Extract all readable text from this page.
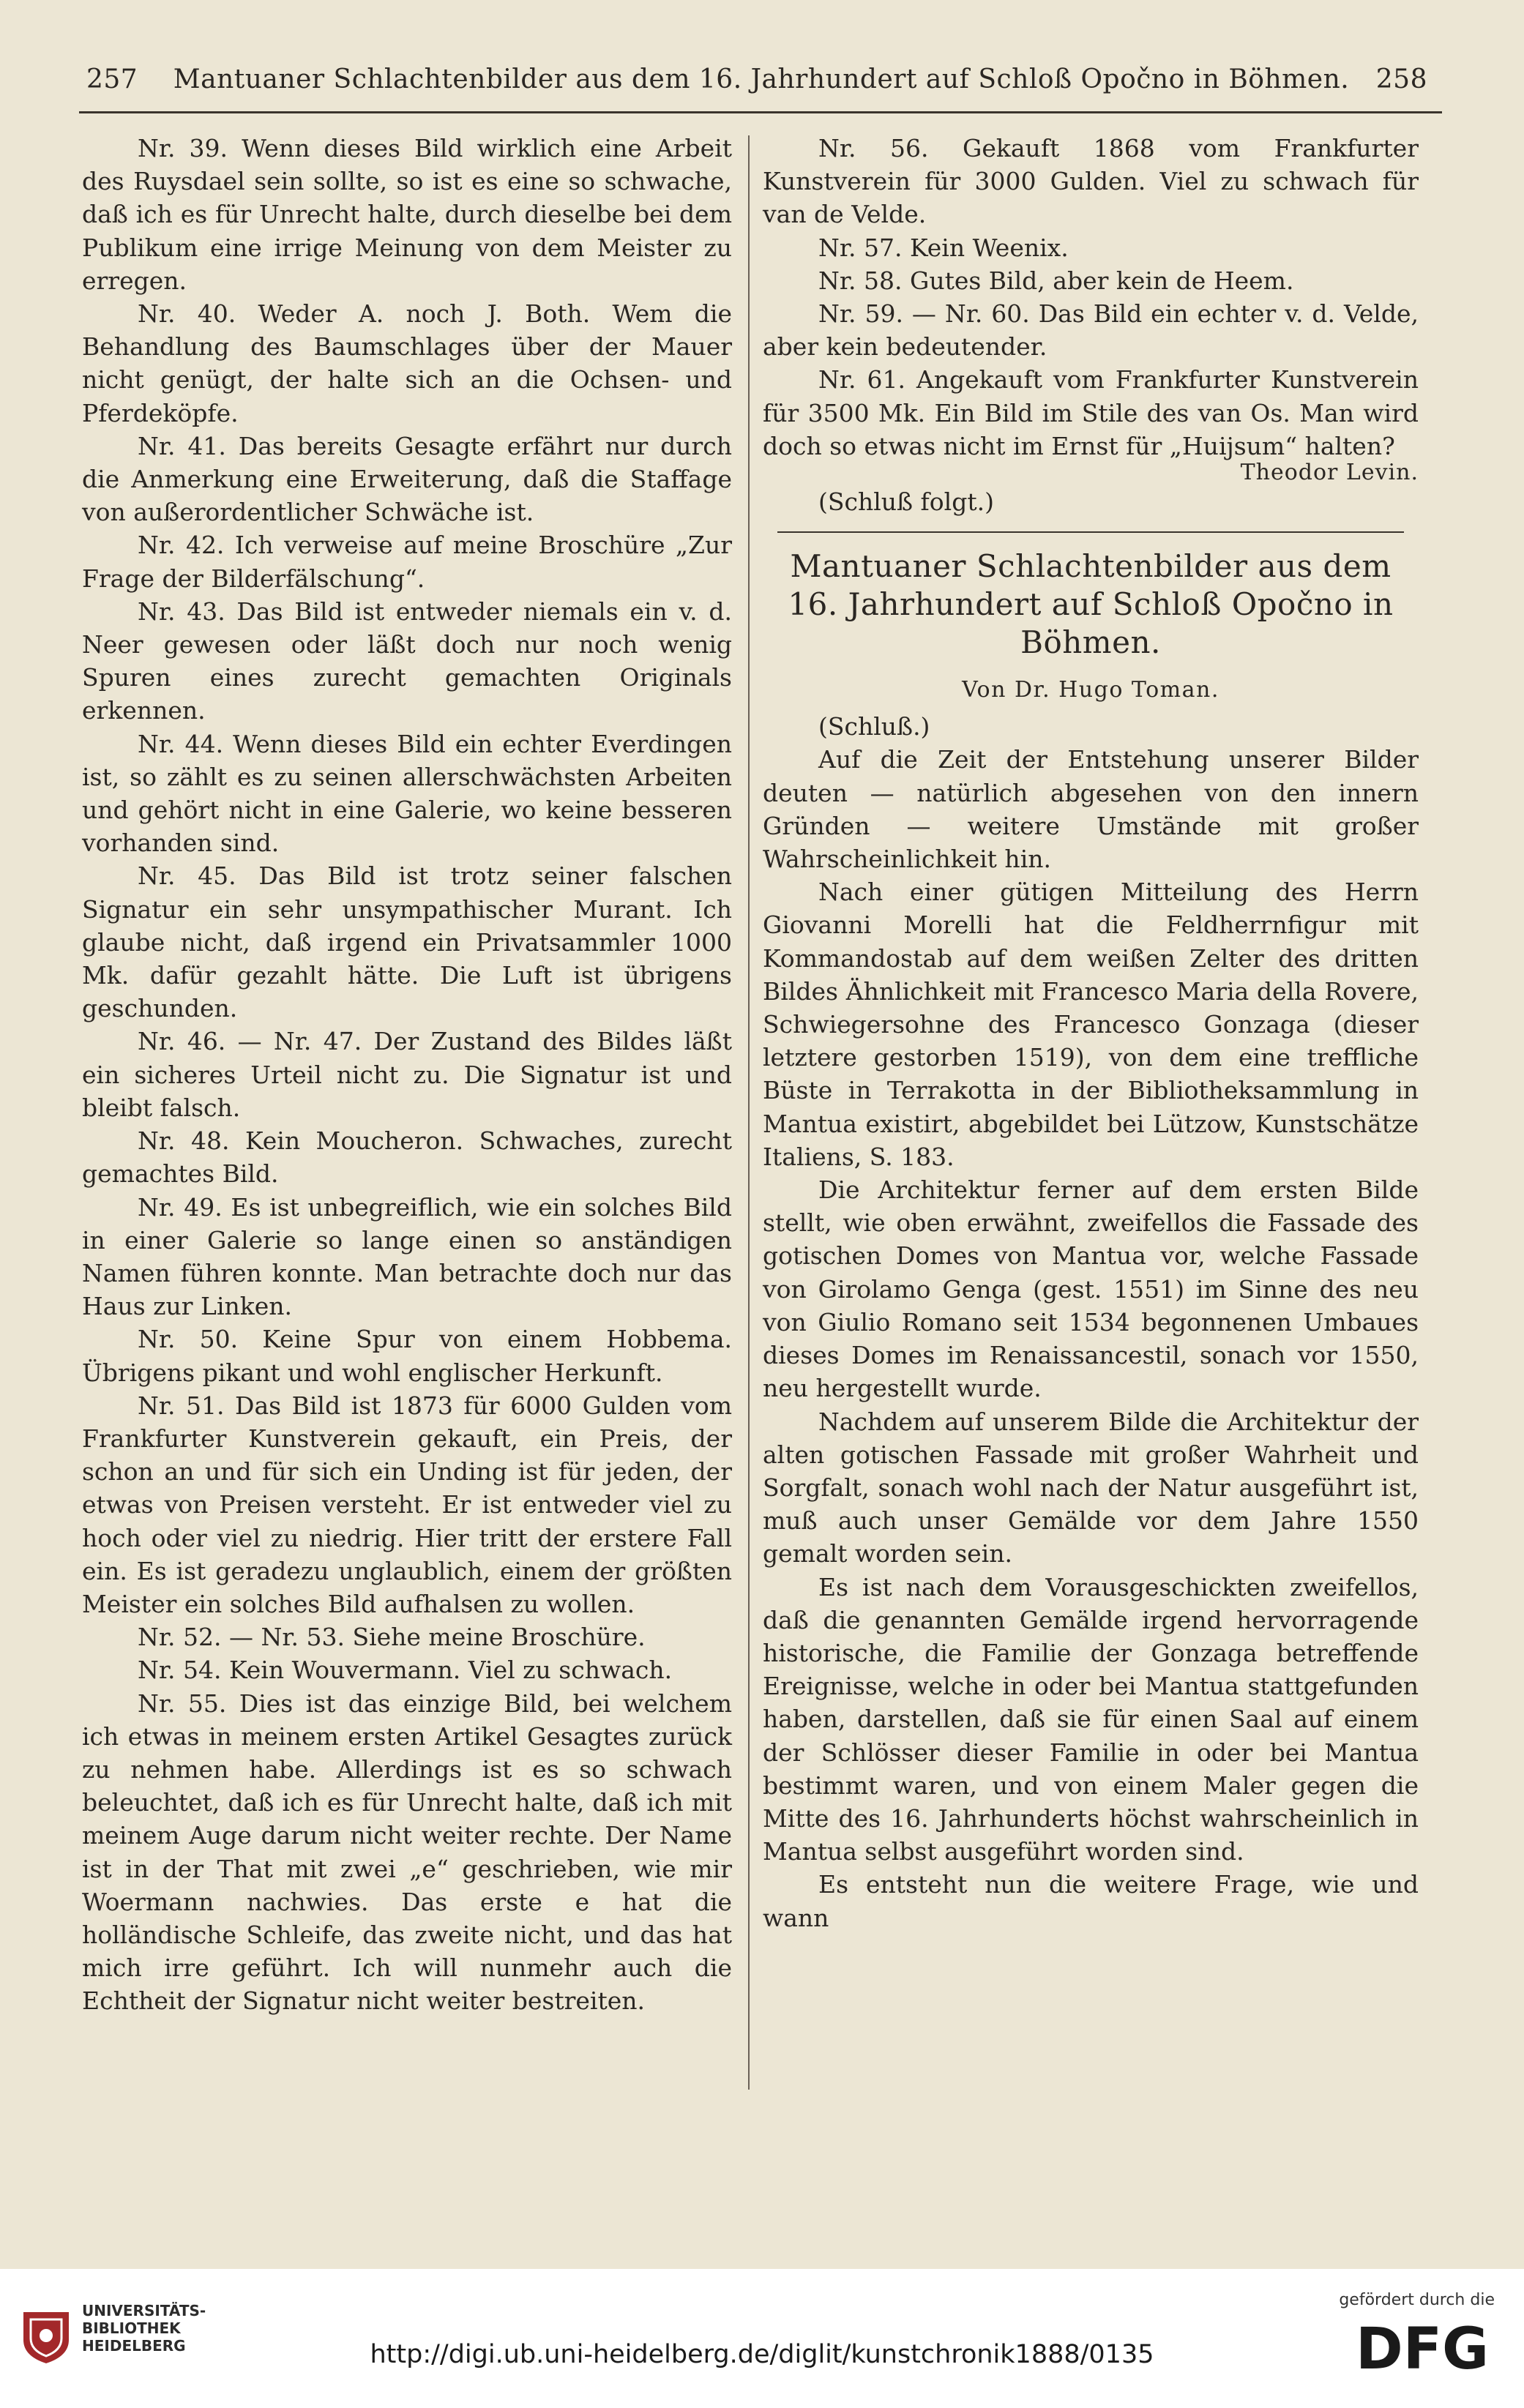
257	Mantuaner Schlachtenbilder aus dem 16. Jahrhundert auf Schloß Opočno in Böhmen.	258

Nr. 39. Wenn dieses Bild wirklich eine Arbeit des Ruysdael sein sollte, so ist es eine so schwache, daß ich es für Unrecht halte, durch dieselbe bei dem Publikum eine irrige Meinung von dem Meister zu erregen.

Nr. 40. Weder A. noch J. Both. Wem die Behandlung des Baumschlages über der Mauer nicht genügt, der halte sich an die Ochsen- und Pferdeköpfe.

Nr. 41. Das bereits Gesagte erfährt nur durch die Anmerkung eine Erweiterung, daß die Staffage von außerordentlicher Schwäche ist.

Nr. 42. Ich verweise auf meine Broschüre „Zur Frage der Bilderfälschung“.

Nr. 43. Das Bild ist entweder niemals ein v. d. Neer gewesen oder läßt doch nur noch wenig Spuren eines zurecht gemachten Originals erkennen.

Nr. 44. Wenn dieses Bild ein echter Everdingen ist, so zählt es zu seinen allerschwächsten Arbeiten und gehört nicht in eine Galerie, wo keine besseren vorhanden sind.

Nr. 45. Das Bild ist trotz seiner falschen Signatur ein sehr unsympathischer Murant. Ich glaube nicht, daß irgend ein Privatsammler 1000 Mk. dafür gezahlt hätte. Die Luft ist übrigens geschunden.

Nr. 46. — Nr. 47. Der Zustand des Bildes läßt ein sicheres Urteil nicht zu. Die Signatur ist und bleibt falsch.

Nr. 48. Kein Moucheron. Schwaches, zurecht gemachtes Bild.

Nr. 49. Es ist unbegreiflich, wie ein solches Bild in einer Galerie so lange einen so anständigen Namen führen konnte. Man betrachte doch nur das Haus zur Linken.

Nr. 50. Keine Spur von einem Hobbema. Übrigens pikant und wohl englischer Herkunft.

Nr. 51. Das Bild ist 1873 für 6000 Gulden vom Frankfurter Kunstverein gekauft, ein Preis, der schon an und für sich ein Unding ist für jeden, der etwas von Preisen versteht. Er ist entweder viel zu hoch oder viel zu niedrig. Hier tritt der erstere Fall ein. Es ist geradezu unglaublich, einem der größten Meister ein solches Bild aufhalsen zu wollen.

Nr. 52. — Nr. 53. Siehe meine Broschüre.

Nr. 54. Kein Wouvermann. Viel zu schwach.

Nr. 55. Dies ist das einzige Bild, bei welchem ich etwas in meinem ersten Artikel Gesagtes zurück zu nehmen habe. Allerdings ist es so schwach beleuchtet, daß ich es für Unrecht halte, daß ich mit meinem Auge darum nicht weiter rechte. Der Name ist in der That mit zwei „e“ geschrieben, wie mir Woermann nachwies. Das erste e hat die holländische Schleife, das zweite nicht, und das hat mich irre geführt. Ich will nunmehr auch die Echtheit der Signatur nicht weiter bestreiten.

Nr. 56. Gekauft 1868 vom Frankfurter Kunstverein für 3000 Gulden. Viel zu schwach für van de Velde.

Nr. 57. Kein Weenix.

Nr. 58. Gutes Bild, aber kein de Heem.

Nr. 59. — Nr. 60. Das Bild ein echter v. d. Velde, aber kein bedeutender.

Nr. 61. Angekauft vom Frankfurter Kunstverein für 3500 Mk. Ein Bild im Stile des van Os. Man wird doch so etwas nicht im Ernst für „Huijsum“ halten?

Theodor Levin.

(Schluß folgt.)

Mantuaner Schlachtenbilder aus dem 16. Jahrhundert auf Schloß Opočno in Böhmen.
Von Dr. Hugo Toman.

(Schluß.)

Auf die Zeit der Entstehung unserer Bilder deuten — natürlich abgesehen von den innern Gründen — weitere Umstände mit großer Wahrscheinlichkeit hin.

Nach einer gütigen Mitteilung des Herrn Giovanni Morelli hat die Feldherrnfigur mit Kommandostab auf dem weißen Zelter des dritten Bildes Ähnlichkeit mit Francesco Maria della Rovere, Schwiegersohne des Francesco Gonzaga (dieser letztere gestorben 1519), von dem eine treffliche Büste in Terrakotta in der Bibliotheksammlung in Mantua existirt, abgebildet bei Lützow, Kunstschätze Italiens, S. 183.

Die Architektur ferner auf dem ersten Bilde stellt, wie oben erwähnt, zweifellos die Fassade des gotischen Domes von Mantua vor, welche Fassade von Girolamo Genga (gest. 1551) im Sinne des neu von Giulio Romano seit 1534 begonnenen Umbaues dieses Domes im Renaissancestil, sonach vor 1550, neu hergestellt wurde.

Nachdem auf unserem Bilde die Architektur der alten gotischen Fassade mit großer Wahrheit und Sorgfalt, sonach wohl nach der Natur ausgeführt ist, muß auch unser Gemälde vor dem Jahre 1550 gemalt worden sein.

Es ist nach dem Vorausgeschickten zweifellos, daß die genannten Gemälde irgend hervorragende historische, die Familie der Gonzaga betreffende Ereignisse, welche in oder bei Mantua stattgefunden haben, darstellen, daß sie für einen Saal auf einem der Schlösser dieser Familie in oder bei Mantua bestimmt waren, und von einem Maler gegen die Mitte des 16. Jahrhunderts höchst wahrscheinlich in Mantua selbst ausgeführt worden sind.

Es entsteht nun die weitere Frage, wie und wann

UNIVERSITÄTS-
BIBLIOTHEK
HEIDELBERG	http://digi.ub.uni-heidelberg.de/diglit/kunstchronik1888/0135
gefördert durch die
DFG
